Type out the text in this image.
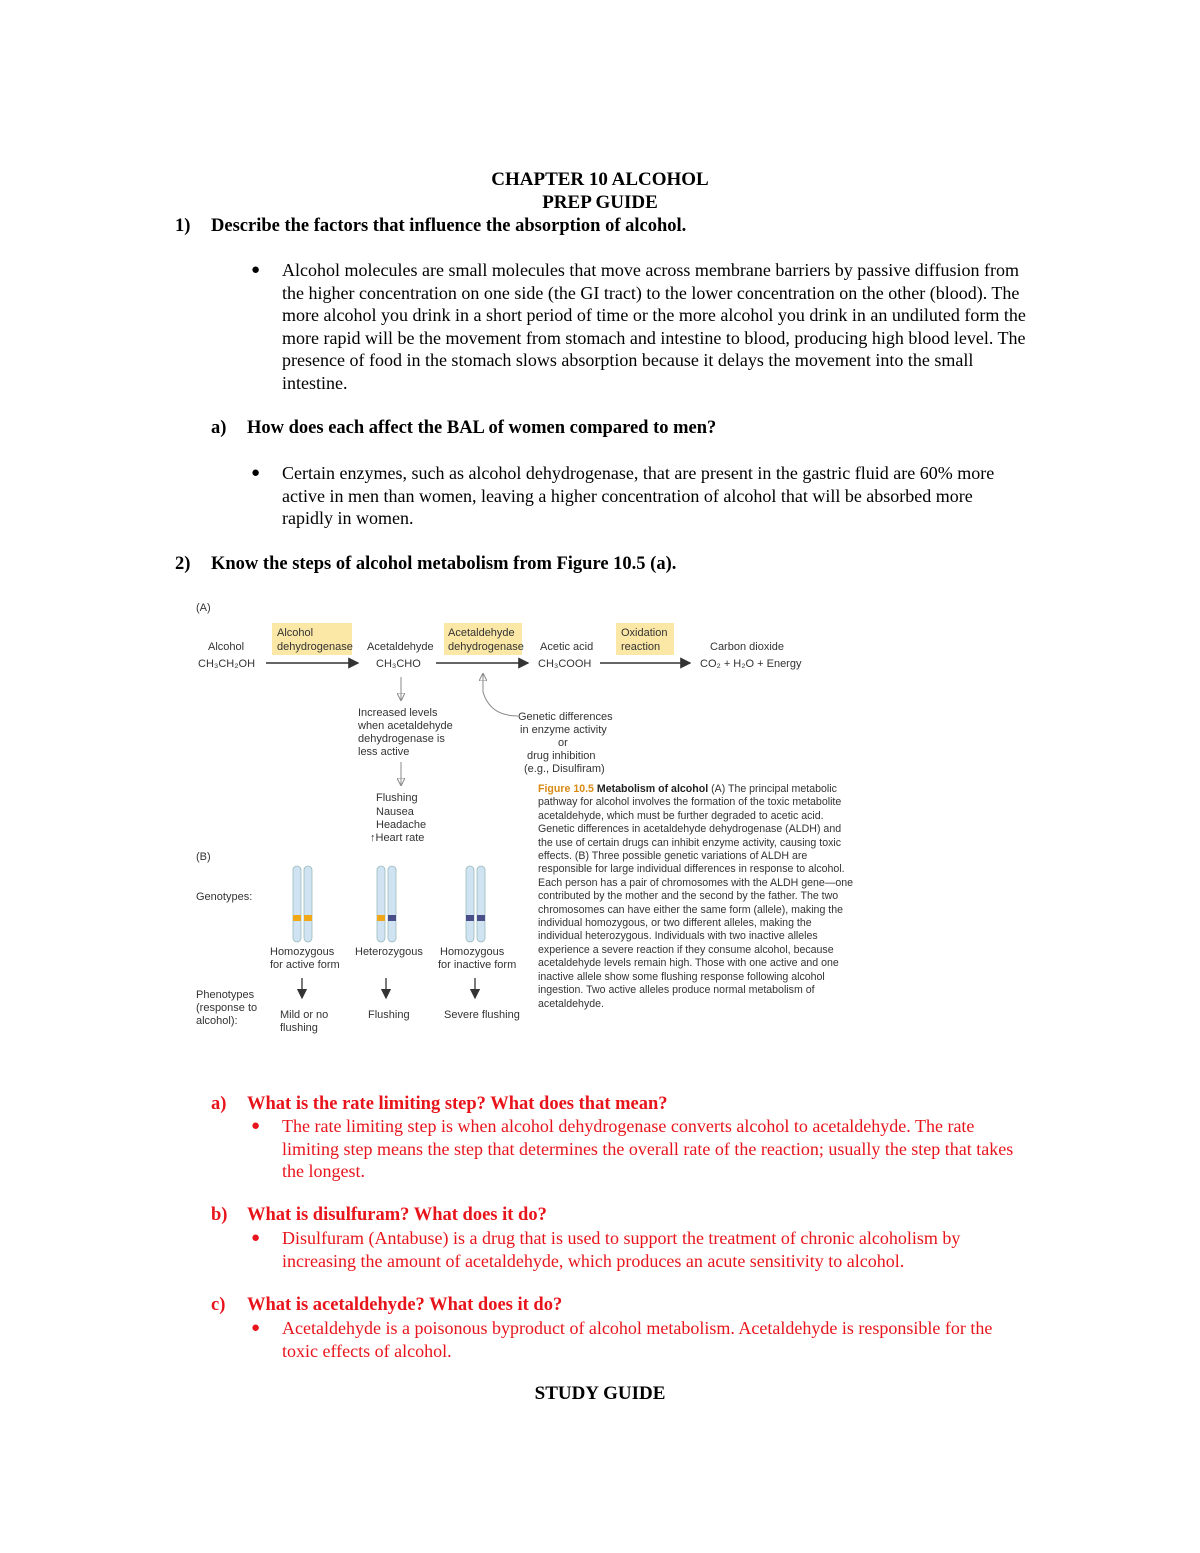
CHAPTER 10 ALCOHOL
PREP GUIDE
1) Describe the factors that influence the absorption of alcohol.
● Alcohol molecules are small molecules that move across membrane barriers by passive diffusion from the higher concentration on one side (the GI tract) to the lower concentration on the other (blood). The more alcohol you drink in a short period of time or the more alcohol you drink in an undiluted form the more rapid will be the movement from stomach and intestine to blood, producing high blood level. The presence of food in the stomach slows absorption because it delays the movement into the small intestine.
a) How does each affect the BAL of women compared to men?
● Certain enzymes, such as alcohol dehydrogenase, that are present in the gastric fluid are 60% more active in men than women, leaving a higher concentration of alcohol that will be absorbed more rapidly in women.
2) Know the steps of alcohol metabolism from Figure 10.5 (a).
(A)
Alcohol
dehydrogenase
Acetaldehyde
dehydrogenase
Oxidation
reaction
Alcohol
CH₃CH₂OH
Acetaldehyde
CH₃CHO
Acetic acid
CH₃COOH
Carbon dioxide
CO₂ + H₂O + Energy
Increased levels
when acetaldehyde
dehydrogenase is
less active
Genetic differences
in enzyme activity
or
drug inhibition
(e.g., Disulfiram)
Flushing
Nausea
Headache
↑Heart rate
(B)
Genotypes:
Phenotypes
(response to
alcohol):
Homozygous
for active form
Heterozygous Homozygous
for inactive form
Mild or no
flushing
Flushing	Severe flushing
Figure 10.5 Metabolism of alcohol (A) The principal metabolic pathway for alcohol involves the formation of the toxic metabolite acetaldehyde, which must be further degraded to acetic acid. Genetic differences in acetaldehyde dehydrogenase (ALDH) and the use of certain drugs can inhibit enzyme activity, causing toxic effects. (B) Three possible genetic variations of ALDH are responsible for large individual differences in response to alcohol. Each person has a pair of chromosomes with the ALDH gene—one contributed by the mother and the second by the father. The two chromosomes can have either the same form (allele), making the individual homozygous, or two different alleles, making the individual heterozygous. Individuals with two inactive alleles experience a severe reaction if they consume alcohol, because acetaldehyde levels remain high. Those with one active and one inactive allele show some flushing response following alcohol ingestion. Two active alleles produce normal metabolism of acetaldehyde.
a) What is the rate limiting step? What does that mean?
● The rate limiting step is when alcohol dehydrogenase converts alcohol to acetaldehyde. The rate limiting step means the step that determines the overall rate of the reaction; usually the step that takes the longest.
b) What is disulfuram? What does it do?
● Disulfuram (Antabuse) is a drug that is used to support the treatment of chronic alcoholism by increasing the amount of acetaldehyde, which produces an acute sensitivity to alcohol.
c) What is acetaldehyde? What does it do?
● Acetaldehyde is a poisonous byproduct of alcohol metabolism. Acetaldehyde is responsible for the toxic effects of alcohol.
STUDY GUIDE
